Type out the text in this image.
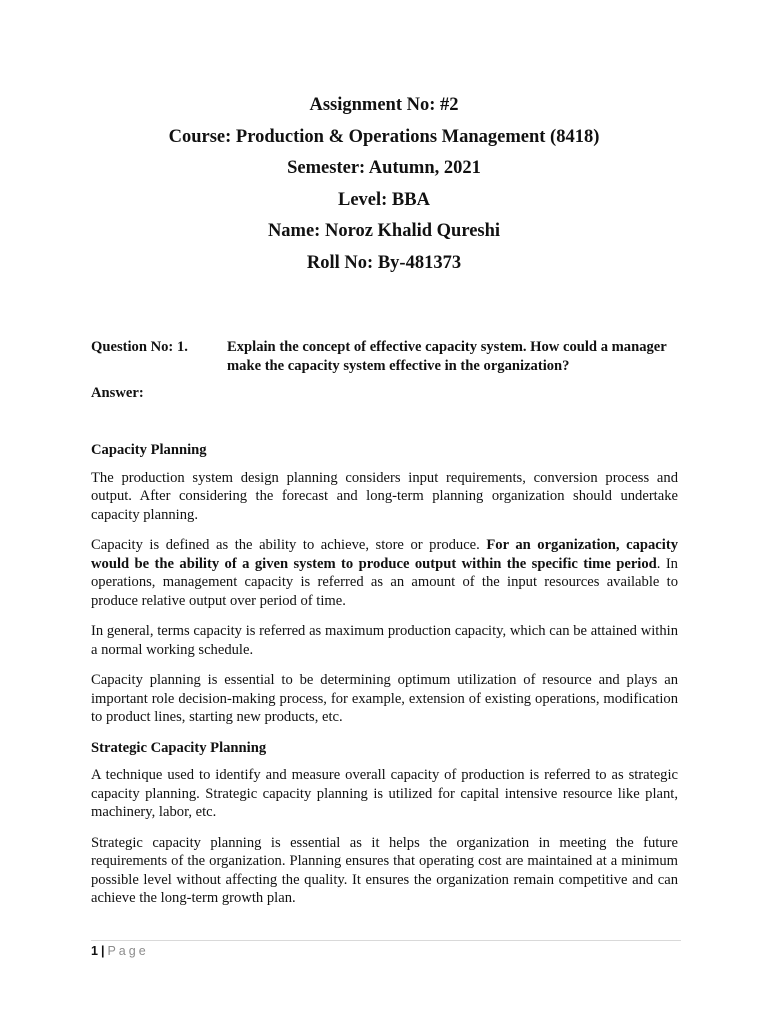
Assignment No: #2
Course: Production & Operations Management (8418)
Semester: Autumn, 2021
Level: BBA
Name: Noroz Khalid Qureshi
Roll No: By-481373
Question No: 1.	Explain the concept of effective capacity system. How could a manager make the capacity system effective in the organization?
Answer:
Capacity Planning

The production system design planning considers input requirements, conversion process and output. After considering the forecast and long-term planning organization should undertake capacity planning.

Capacity is defined as the ability to achieve, store or produce. For an organization, capacity would be the ability of a given system to produce output within the specific time period. In operations, management capacity is referred as an amount of the input resources available to produce relative output over period of time.

In general, terms capacity is referred as maximum production capacity, which can be attained within a normal working schedule.

Capacity planning is essential to be determining optimum utilization of resource and plays an important role decision-making process, for example, extension of existing operations, modification to product lines, starting new products, etc.

Strategic Capacity Planning

A technique used to identify and measure overall capacity of production is referred to as strategic capacity planning. Strategic capacity planning is utilized for capital intensive resource like plant, machinery, labor, etc.

Strategic capacity planning is essential as it helps the organization in meeting the future requirements of the organization. Planning ensures that operating cost are maintained at a minimum possible level without affecting the quality. It ensures the organization remain competitive and can achieve the long-term growth plan.

1 | Page
